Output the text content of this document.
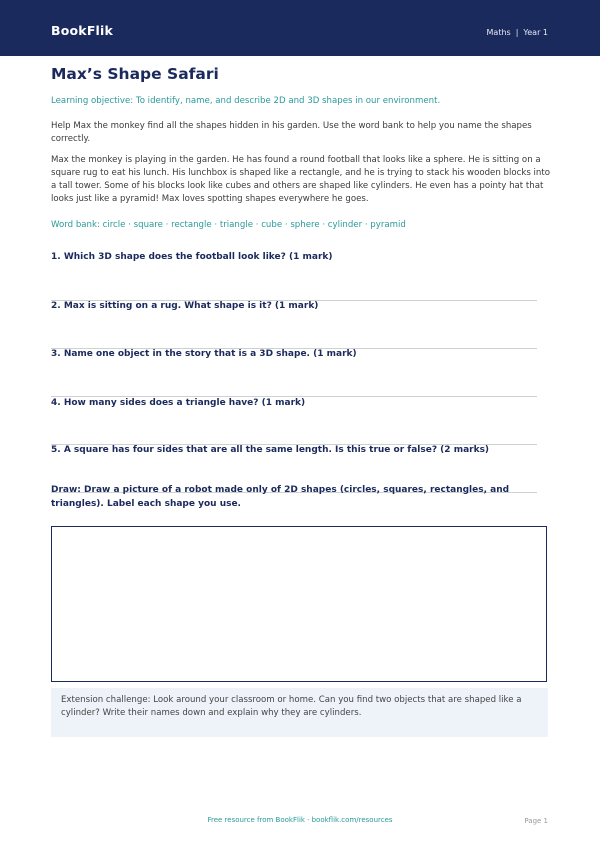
BookFlik	Maths | Year 1
Max’s Shape Safari
Learning objective: To identify, name, and describe 2D and 3D shapes in our environment.

Help Max the monkey find all the shapes hidden in his garden. Use the word bank to help you name the shapes correctly.

Max the monkey is playing in the garden. He has found a round football that looks like a sphere. He is sitting on a square rug to eat his lunch. His lunchbox is shaped like a rectangle, and he is trying to stack his wooden blocks into a tall tower. Some of his blocks look like cubes and others are shaped like cylinders. He even has a pointy hat that looks just like a pyramid! Max loves spotting shapes everywhere he goes.

Word bank: circle · square · rectangle · triangle · cube · sphere · cylinder · pyramid
1. Which 3D shape does the football look like? (1 mark)
2. Max is sitting on a rug. What shape is it? (1 mark)
3. Name one object in the story that is a 3D shape. (1 mark)
4. How many sides does a triangle have? (1 mark)
5. A square has four sides that are all the same length. Is this true or false? (2 marks)
Draw: Draw a picture of a robot made only of 2D shapes (circles, squares, rectangles, and triangles). Label each shape you use.
Extension challenge: Look around your classroom or home. Can you find two objects that are shaped like a cylinder? Write their names down and explain why they are cylinders.
Free resource from BookFlik · bookflik.com/resources	Page 1
